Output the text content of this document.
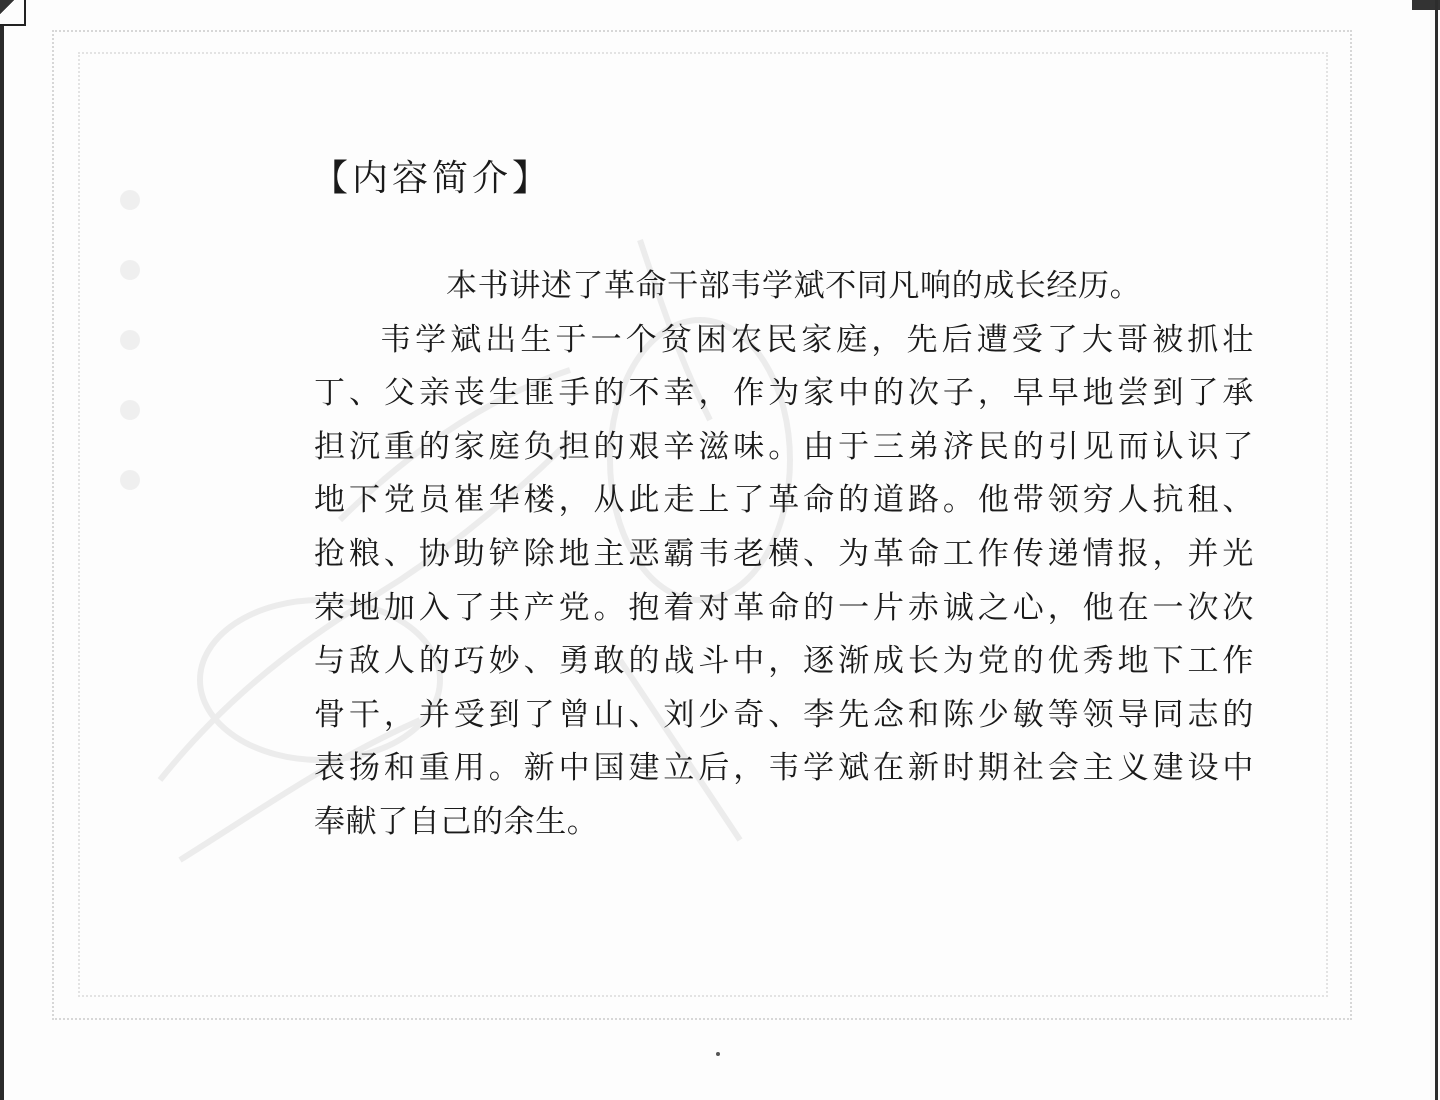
【内容简介】

本书讲述了革命干部韦学斌不同凡响的成长经历。

韦学斌出生于一个贫困农民家庭，先后遭受了大哥被抓壮
丁、父亲丧生匪手的不幸，作为家中的次子，早早地尝到了承
担沉重的家庭负担的艰辛滋味。由于三弟济民的引见而认识了
地下党员崔华楼，从此走上了革命的道路。他带领穷人抗租、
抢粮、协助铲除地主恶霸韦老横、为革命工作传递情报，并光
荣地加入了共产党。抱着对革命的一片赤诚之心，他在一次次
与敌人的巧妙、勇敢的战斗中，逐渐成长为党的优秀地下工作
骨干，并受到了曾山、刘少奇、李先念和陈少敏等领导同志的
表扬和重用。新中国建立后，韦学斌在新时期社会主义建设中
奉献了自己的余生。
